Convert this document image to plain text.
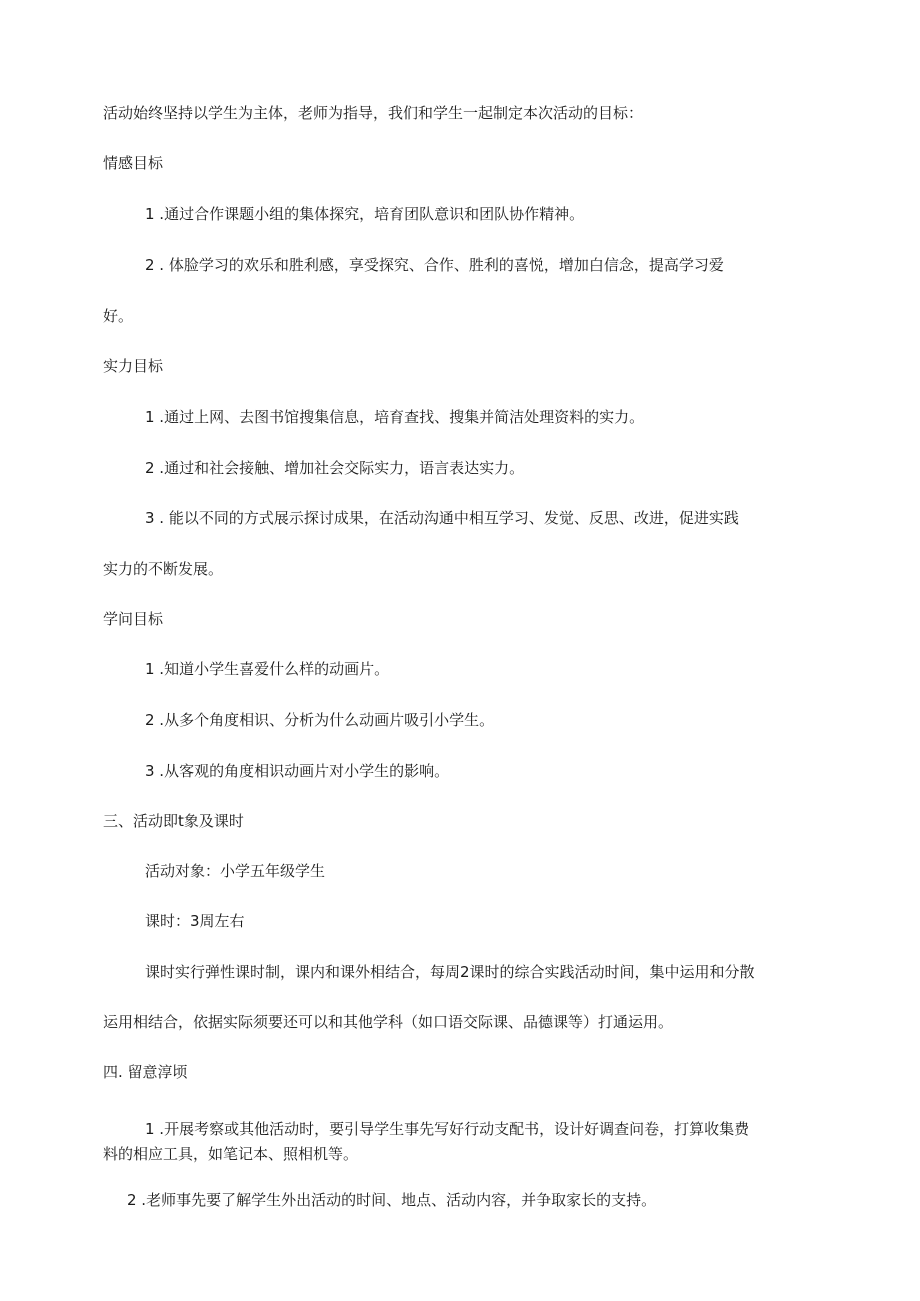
活动始终坚持以学生为主体，老师为指导，我们和学生一起制定本次活动的目标：

情感目标

1 .通过合作课题小组的集体探究，培育团队意识和团队协作精神。

2 . 体脸学习的欢乐和胜利感，享受探究、合作、胜利的喜悦，增加白信念，提高学习爱

好。

实力目标

1 .通过上网、去图书馆搜集信息，培育查找、搜集并简洁处理资料的实力。

2 .通过和社会接触、增加社会交际实力，语言表达实力。

3 . 能以不同的方式展示探讨成果，在活动沟通中相互学习、发觉、反思、改进，促进实践

实力的不断发展。

学问目标

1 .知道小学生喜爱什么样的动画片。

2 .从多个角度相识、分析为什么动画片吸引小学生。

3 .从客观的角度相识动画片对小学生的影响。

三、活动即t象及课时

活动对象：小学五年级学生

课时：3周左右

课时实行弹性课时制，课内和课外相结合，每周2课时的综合实践活动时间，集中运用和分散

运用相结合，依据实际须要还可以和其他学科（如口语交际课、品德课等）打通运用。

四. 留意淳顷

1 .开展考察或其他活动时，要引导学生事先写好行动支配书，设计好调查问卷，打算收集费

料的相应工具，如笔记本、照相机等。

2 .老师事先要了解学生外出活动的时间、地点、活动内容，并争取家长的支持。
